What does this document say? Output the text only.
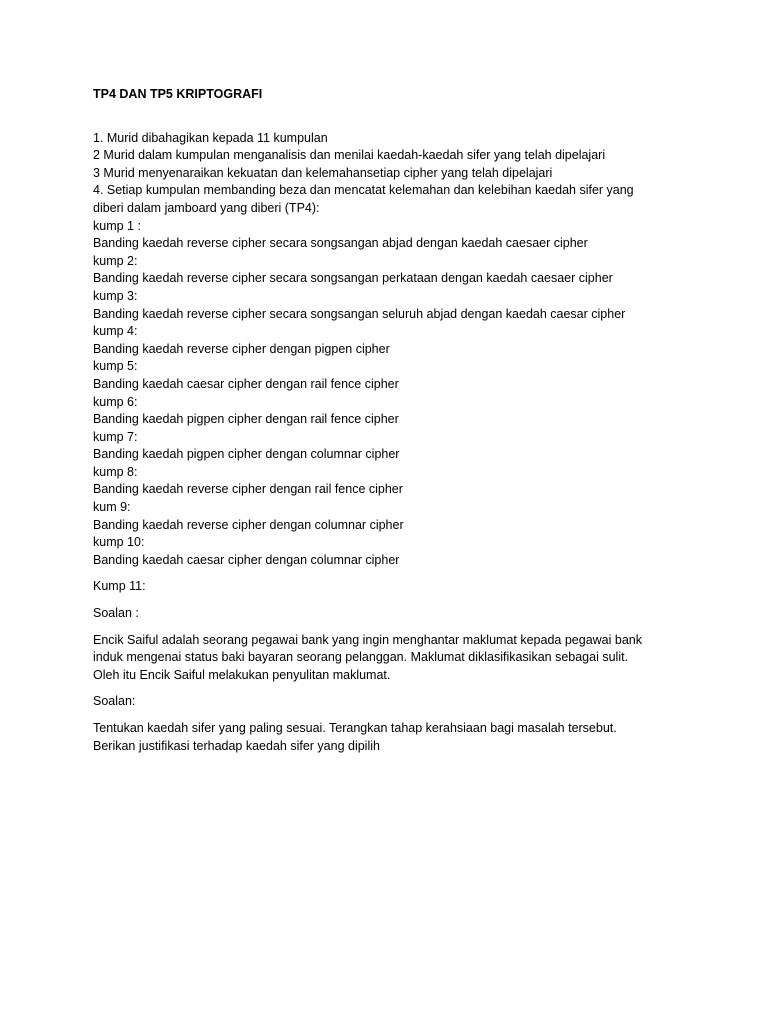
TP4 DAN TP5 KRIPTOGRAFI

1. Murid dibahagikan kepada 11 kumpulan

2 Murid dalam kumpulan menganalisis dan menilai kaedah-kaedah sifer yang telah dipelajari

3 Murid menyenaraikan kekuatan dan kelemahansetiap cipher yang telah dipelajari

4. Setiap kumpulan membanding beza dan mencatat kelemahan dan kelebihan kaedah sifer yang

diberi dalam jamboard yang diberi (TP4):

kump 1 :

Banding kaedah reverse cipher secara songsangan abjad dengan kaedah caesaer cipher

kump 2:

Banding kaedah reverse cipher secara songsangan perkataan dengan kaedah caesaer cipher

kump 3:

Banding kaedah reverse cipher secara songsangan seluruh abjad dengan kaedah caesar cipher

kump 4:

Banding kaedah reverse cipher dengan pigpen cipher

kump 5:

Banding kaedah caesar cipher dengan rail fence cipher

kump 6:

Banding kaedah pigpen cipher dengan rail fence cipher

kump 7:

Banding kaedah pigpen cipher dengan columnar cipher

kump 8:

Banding kaedah reverse cipher dengan rail fence cipher

kum 9:

Banding kaedah reverse cipher dengan columnar cipher

kump 10:

Banding kaedah caesar cipher dengan columnar cipher

Kump 11:

Soalan :

Encik Saiful adalah seorang pegawai bank yang ingin menghantar maklumat kepada pegawai bank

induk mengenai status baki bayaran seorang pelanggan. Maklumat diklasifikasikan sebagai sulit.

Oleh itu Encik Saiful melakukan penyulitan maklumat.

Soalan:

Tentukan kaedah sifer yang paling sesuai. Terangkan tahap kerahsiaan bagi masalah tersebut.

Berikan justifikasi terhadap kaedah sifer yang dipilih
